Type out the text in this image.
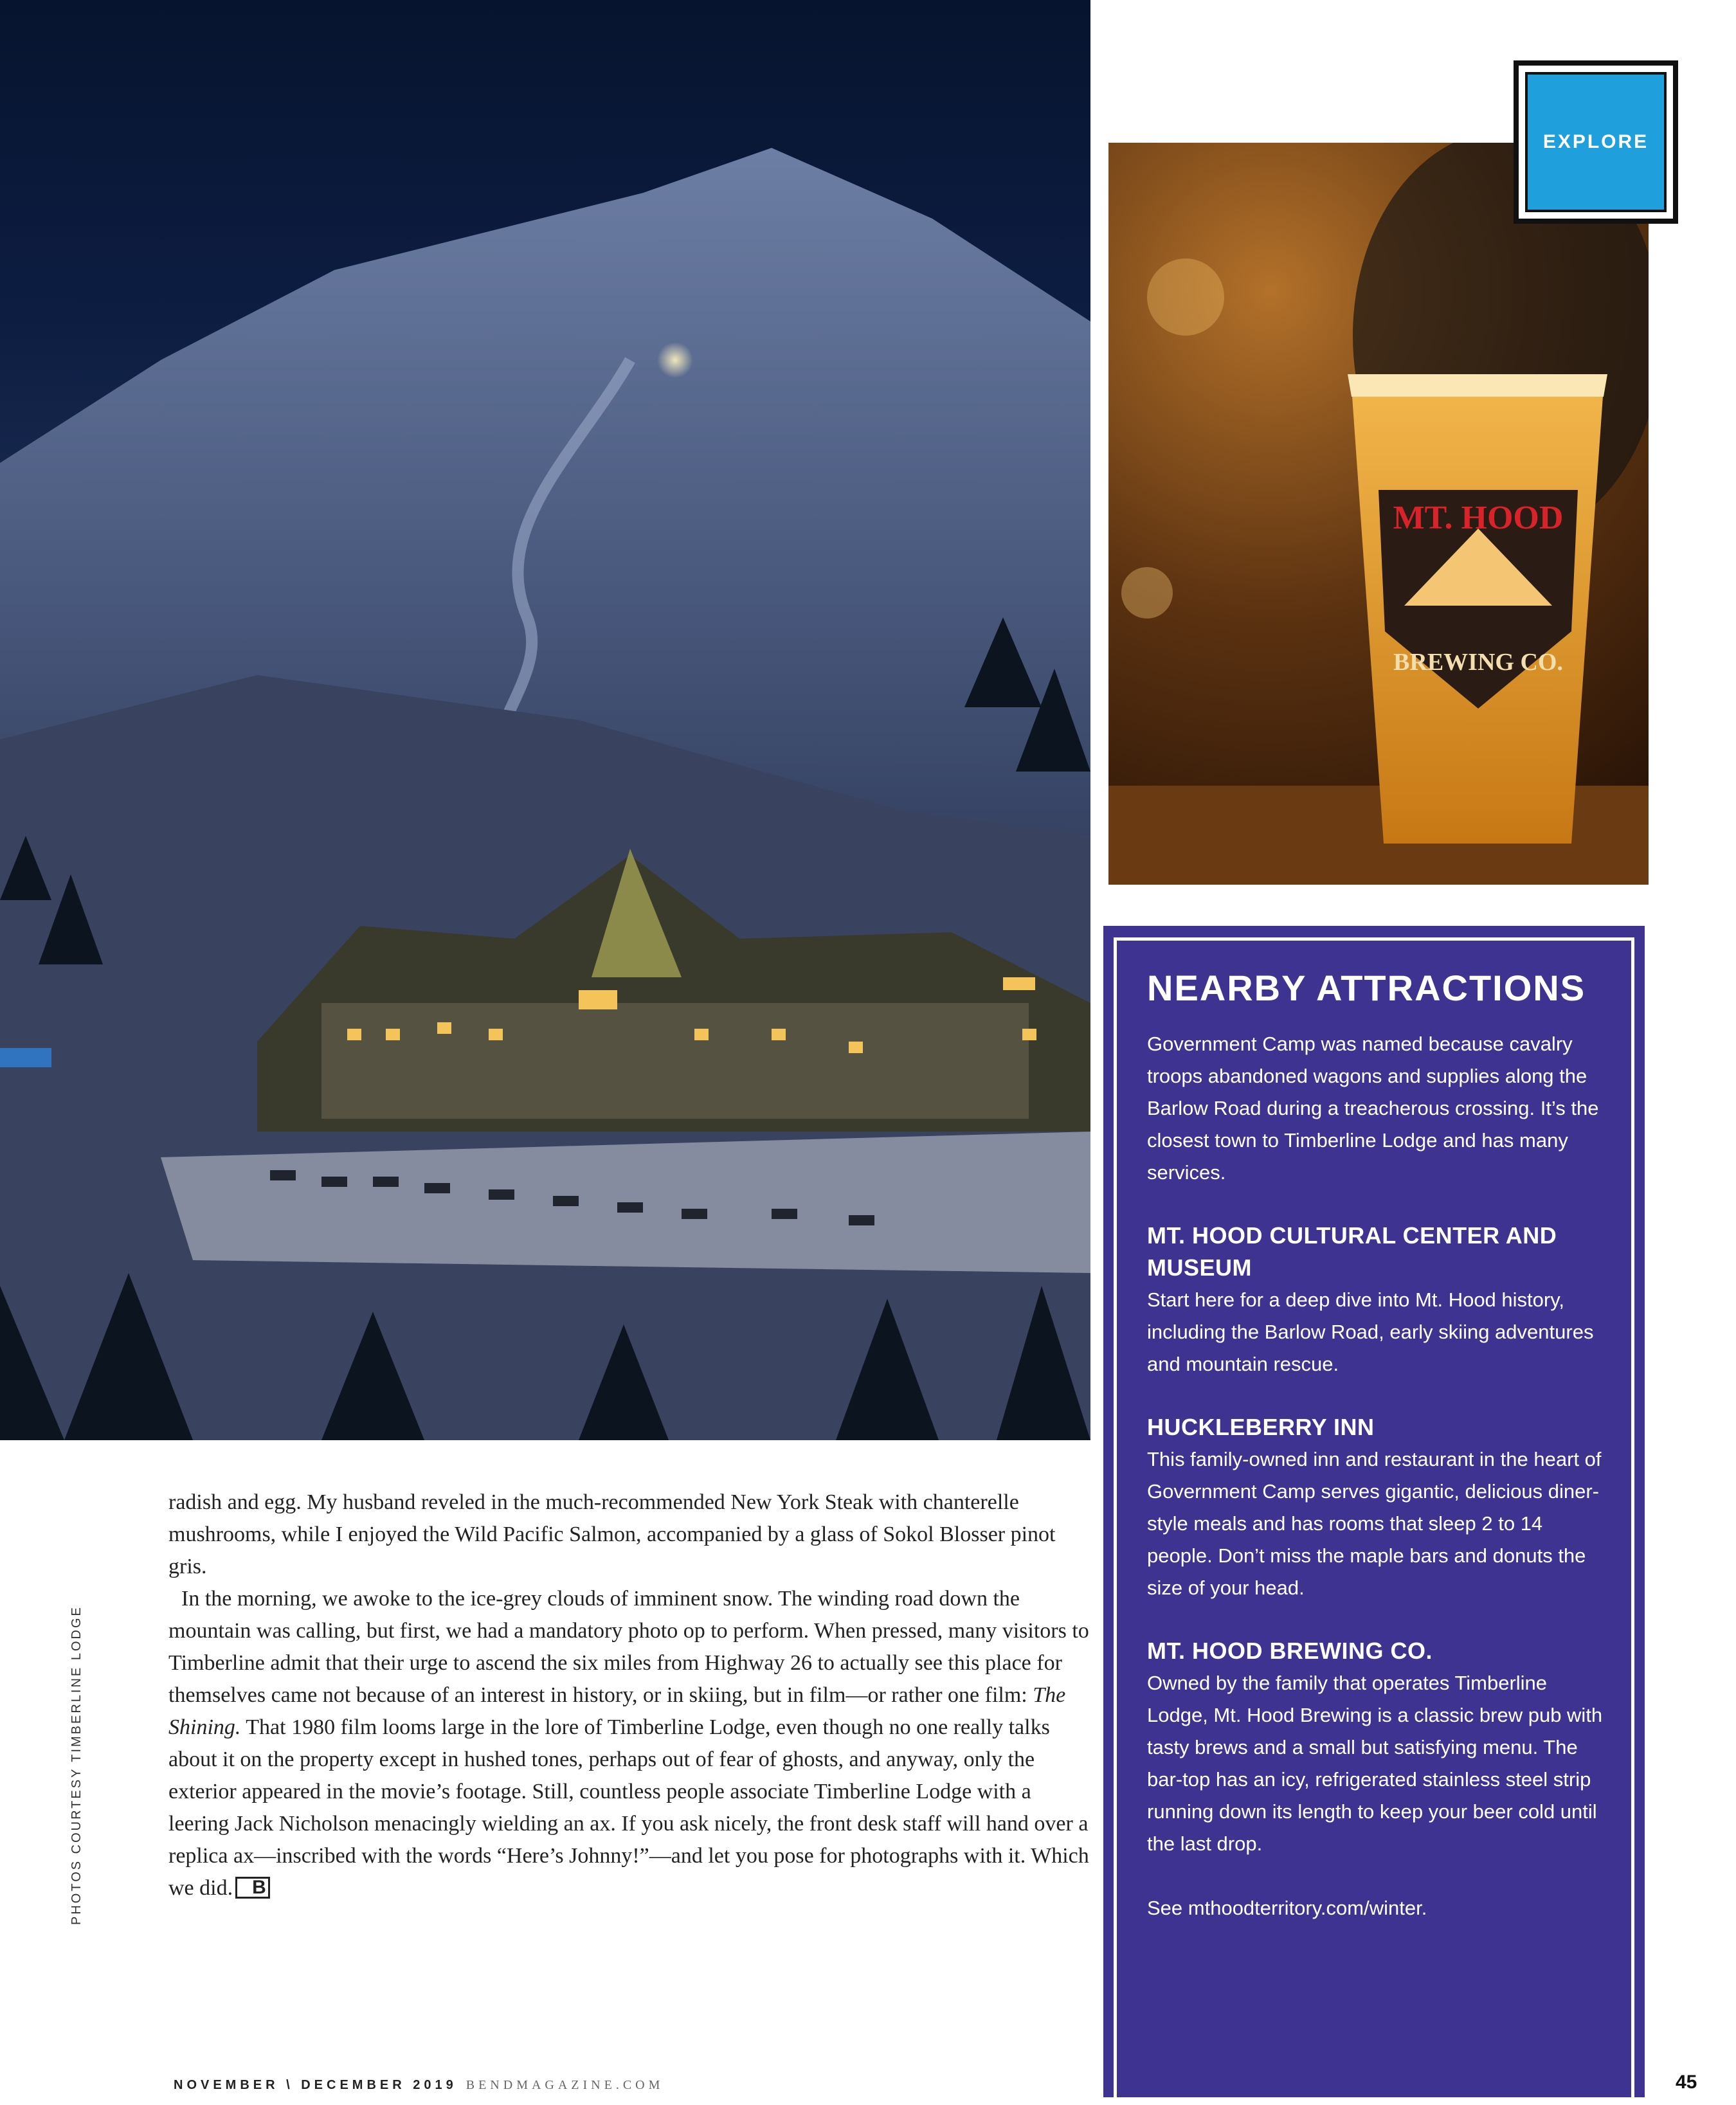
MT. HOOD
BREWING CO.
EXPLORE
NEARBY ATTRACTIONS

Government Camp was named because cavalry troops abandoned wagons and supplies along the Barlow Road during a treacherous crossing. It’s the closest town to Timberline Lodge and has many services.

MT. HOOD CULTURAL CENTER AND MUSEUM

Start here for a deep dive into Mt. Hood history, including the Barlow Road, early skiing adventures and mountain rescue.

HUCKLEBERRY INN

This family-owned inn and restaurant in the heart of Government Camp serves gigantic, delicious diner-style meals and has rooms that sleep 2 to 14 people. Don’t miss the maple bars and donuts the size of your head.

MT. HOOD BREWING CO.

Owned by the family that operates Timberline Lodge, Mt. Hood Brewing is a classic brew pub with tasty brews and a small but satisfying menu. The bar-top has an icy, refrigerated stainless steel strip running down its length to keep your beer cold until the last drop.

See mthoodterritory.com/winter.

radish and egg. My husband reveled in the much-recommended New York Steak with chanterelle mushrooms, while I enjoyed the Wild Pacific Salmon, accompanied by a glass of Sokol Blosser pinot gris.

In the morning, we awoke to the ice-grey clouds of imminent snow. The winding road down the mountain was calling, but first, we had a mandatory photo op to perform. When pressed, many visitors to Timberline admit that their urge to ascend the six miles from Highway 26 to actually see this place for themselves came not because of an interest in history, or in skiing, but in film—or rather one film: The Shining. That 1980 film looms large in the lore of Timberline Lodge, even though no one really talks about it on the property except in hushed tones, perhaps out of fear of ghosts, and anyway, only the exterior appeared in the movie’s footage. Still, countless people associate Timberline Lodge with a leering Jack Nicholson menacingly wielding an ax. If you ask nicely, the front desk staff will hand over a replica ax—inscribed with the words “Here’s Johnny!”—and let you pose for photographs with it. Which we did. B

PHOTOS COURTESY TIMBERLINE LODGE
NOVEMBER \ DECEMBER 2019 BENDMAGAZINE.COM	45
